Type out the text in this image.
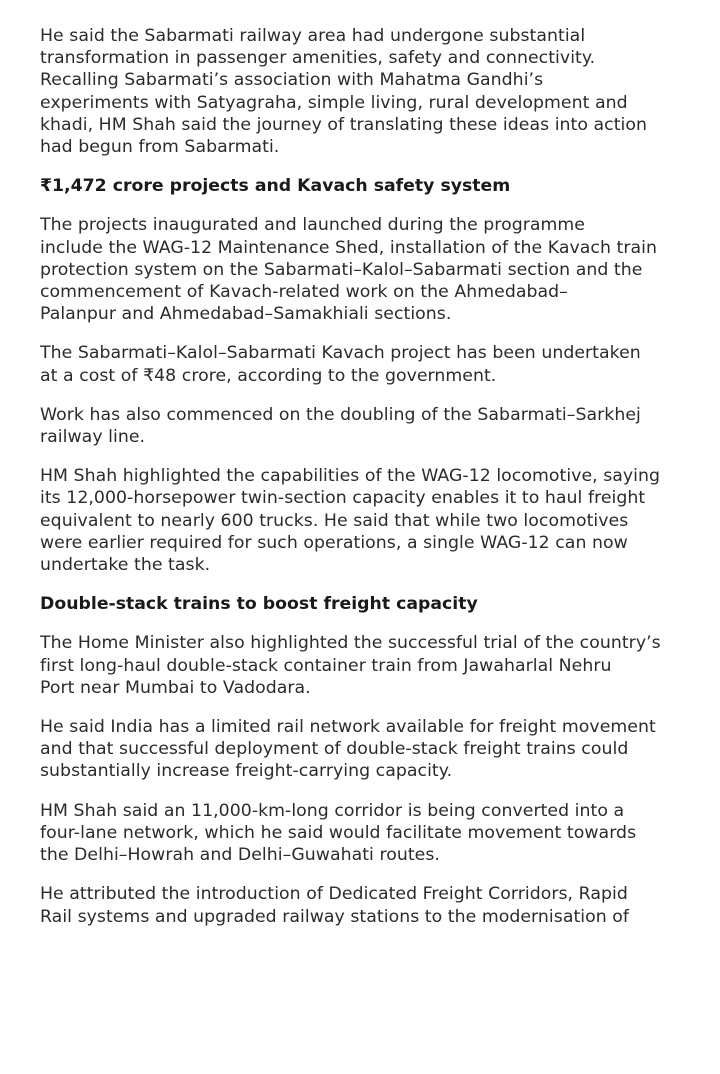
He said the Sabarmati railway area had undergone substantial
transformation in passenger amenities, safety and connectivity.
Recalling Sabarmati’s association with Mahatma Gandhi’s
experiments with Satyagraha, simple living, rural development and
khadi, HM Shah said the journey of translating these ideas into action
had begun from Sabarmati.

₹1,472 crore projects and Kavach safety system

The projects inaugurated and launched during the programme
include the WAG-12 Maintenance Shed, installation of the Kavach train
protection system on the Sabarmati–Kalol–Sabarmati section and the
commencement of Kavach-related work on the Ahmedabad–
Palanpur and Ahmedabad–Samakhiali sections.

The Sabarmati–Kalol–Sabarmati Kavach project has been undertaken
at a cost of ₹48 crore, according to the government.

Work has also commenced on the doubling of the Sabarmati–Sarkhej
railway line.

HM Shah highlighted the capabilities of the WAG-12 locomotive, saying
its 12,000-horsepower twin-section capacity enables it to haul freight
equivalent to nearly 600 trucks. He said that while two locomotives
were earlier required for such operations, a single WAG-12 can now
undertake the task.

Double-stack trains to boost freight capacity

The Home Minister also highlighted the successful trial of the country’s
first long-haul double-stack container train from Jawaharlal Nehru
Port near Mumbai to Vadodara.

He said India has a limited rail network available for freight movement
and that successful deployment of double-stack freight trains could
substantially increase freight-carrying capacity.

HM Shah said an 11,000-km-long corridor is being converted into a
four-lane network, which he said would facilitate movement towards
the Delhi–Howrah and Delhi–Guwahati routes.

He attributed the introduction of Dedicated Freight Corridors, Rapid
Rail systems and upgraded railway stations to the modernisation of
